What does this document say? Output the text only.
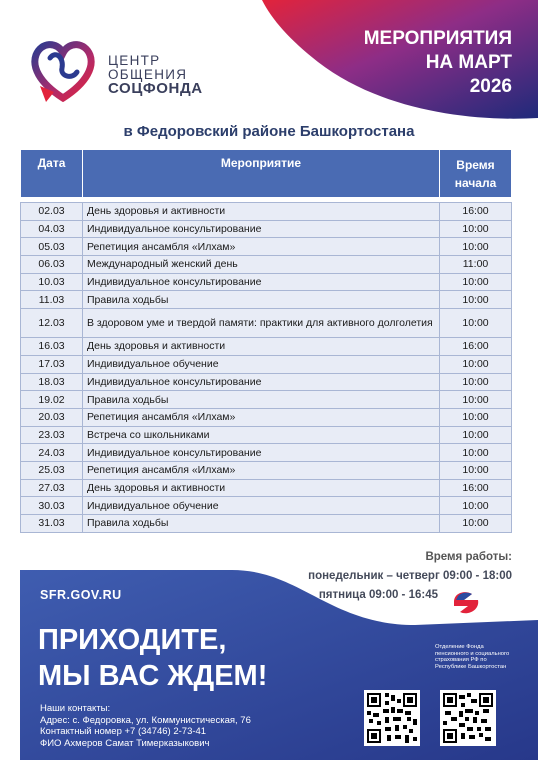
МЕРОПРИЯТИЯ
НА МАРТ
2026
ЦЕНТР
ОБЩЕНИЯ
СОЦФОНДА
в Федоровский районе Башкортостана
Дата	Мероприятие	Время
начала

02.03	День здоровья и активности	16:00
04.03	Индивидуальное консультирование	10:00
05.03	Репетиция ансамбля «Илхам»	10:00
06.03	Международный женский день	11:00
10.03	Индивидуальное консультирование	10:00
11.03	Правила ходьбы	10:00
12.03	В здоровом уме и твердой памяти: практики для активного долголетия	10:00
16.03	День здоровья и активности	16:00
17.03	Индивидуальное обучение	10:00
18.03	Индивидуальное консультирование	10:00
19.02	Правила ходьбы	10:00
20.03	Репетиция ансамбля «Илхам»	10:00
23.03	Встреча со школьниками	10:00
24.03	Индивидуальное консультирование	10:00
25.03	Репетиция ансамбля «Илхам»	10:00
27.03	День здоровья и активности	16:00
30.03	Индивидуальное обучение	10:00
31.03	Правила ходьбы	10:00
Время работы:
понедельник – четверг 09:00 - 18:00
пятница 09:00 - 16:45
SFR.GOV.RU
ПРИХОДИТЕ,
МЫ ВАС ЖДЕМ!
Наши контакты:
Адрес: с. Федоровка, ул. Коммунистическая, 76
Контактный номер +7 (34746) 2-73-41
ФИО Ахмеров Самат Тимерказыкович
Отделение Фонда пенсионного и социального страхования РФ по Республике Башкортостан
